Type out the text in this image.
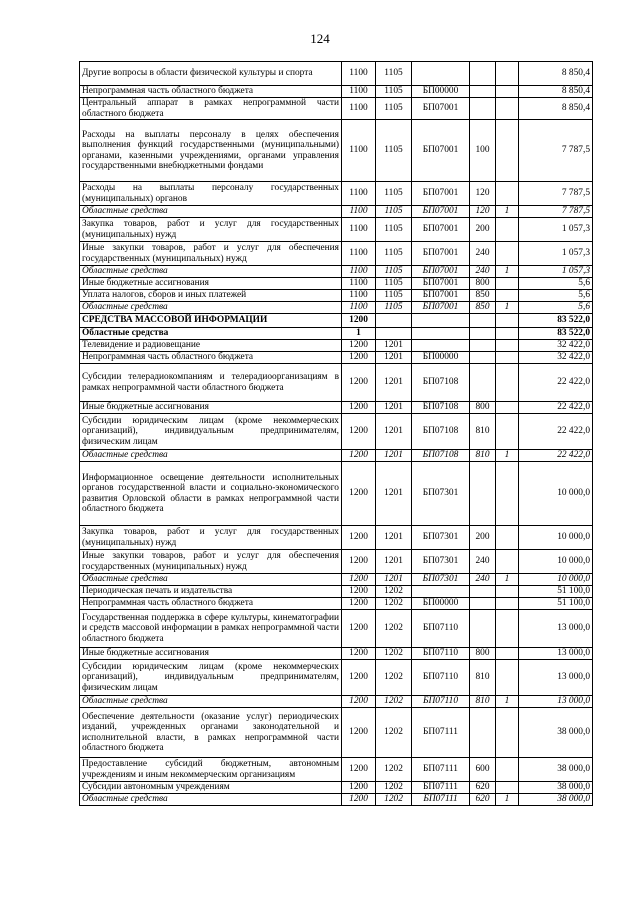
124
Другие вопросы в области физической культуры и спорта	1100	1105				8 850,4
Непрограммная часть областного бюджета	1100	1105	БП00000			8 850,4
Центральный аппарат в рамках непрограммной части областного бюджета	1100	1105	БП07001			8 850,4
Расходы на выплаты персоналу в целях обеспечения выполнения функций государственными (муниципальными) органами, казенными учреждениями, органами управления государственными внебюджетными фондами	1100	1105	БП07001	100		7 787,5
Расходы на выплаты персоналу государственных (муниципальных) органов	1100	1105	БП07001	120		7 787,5
Областные средства	1100	1105	БП07001	120	1	7 787,5
Закупка товаров, работ и услуг для государственных (муниципальных) нужд	1100	1105	БП07001	200		1 057,3
Иные закупки товаров, работ и услуг для обеспечения государственных (муниципальных) нужд	1100	1105	БП07001	240		1 057,3
Областные средства	1100	1105	БП07001	240	1	1 057,3
Иные бюджетные ассигнования	1100	1105	БП07001	800		5,6
Уплата налогов, сборов и иных платежей	1100	1105	БП07001	850		5,6
Областные средства	1100	1105	БП07001	850	1	5,6
СРЕДСТВА МАССОВОЙ ИНФОРМАЦИИ	1200					83 522,0
Областные средства	1					83 522,0
Телевидение и радиовещание	1200	1201				32 422,0
Непрограммная часть областного бюджета	1200	1201	БП00000			32 422,0
Субсидии телерадиокомпаниям и телерадиоорганизациям в рамках непрограммной части областного бюджета	1200	1201	БП07108			22 422,0
Иные бюджетные ассигнования	1200	1201	БП07108	800		22 422,0
Субсидии юридическим лицам (кроме некоммерческих организаций), индивидуальным предпринимателям, физическим лицам	1200	1201	БП07108	810		22 422,0
Областные средства	1200	1201	БП07108	810	1	22 422,0
Информационное освещение деятельности исполнительных органов государственной власти и социально-экономического развития Орловской области в рамках непрограммной части областного бюджета	1200	1201	БП07301			10 000,0
Закупка товаров, работ и услуг для государственных (муниципальных) нужд	1200	1201	БП07301	200		10 000,0
Иные закупки товаров, работ и услуг для обеспечения государственных (муниципальных) нужд	1200	1201	БП07301	240		10 000,0
Областные средства	1200	1201	БП07301	240	1	10 000,0
Периодическая печать и издательства	1200	1202				51 100,0
Непрограммная часть областного бюджета	1200	1202	БП00000			51 100,0
Государственная поддержка в сфере культуры, кинематографии и средств массовой информации в рамках непрограммной части областного бюджета	1200	1202	БП07110			13 000,0
Иные бюджетные ассигнования	1200	1202	БП07110	800		13 000,0
Субсидии юридическим лицам (кроме некоммерческих организаций), индивидуальным предпринимателям, физическим лицам	1200	1202	БП07110	810		13 000,0
Областные средства	1200	1202	БП07110	810	1	13 000,0
Обеспечение деятельности (оказание услуг) периодических изданий, учрежденных органами законодательной и исполнительной власти, в рамках непрограммной части областного бюджета	1200	1202	БП07111			38 000,0
Предоставление субсидий бюджетным, автономным учреждениям и иным некоммерческим организациям	1200	1202	БП07111	600		38 000,0
Субсидии автономным учреждениям	1200	1202	БП07111	620		38 000,0
Областные средства	1200	1202	БП07111	620	1	38 000,0
